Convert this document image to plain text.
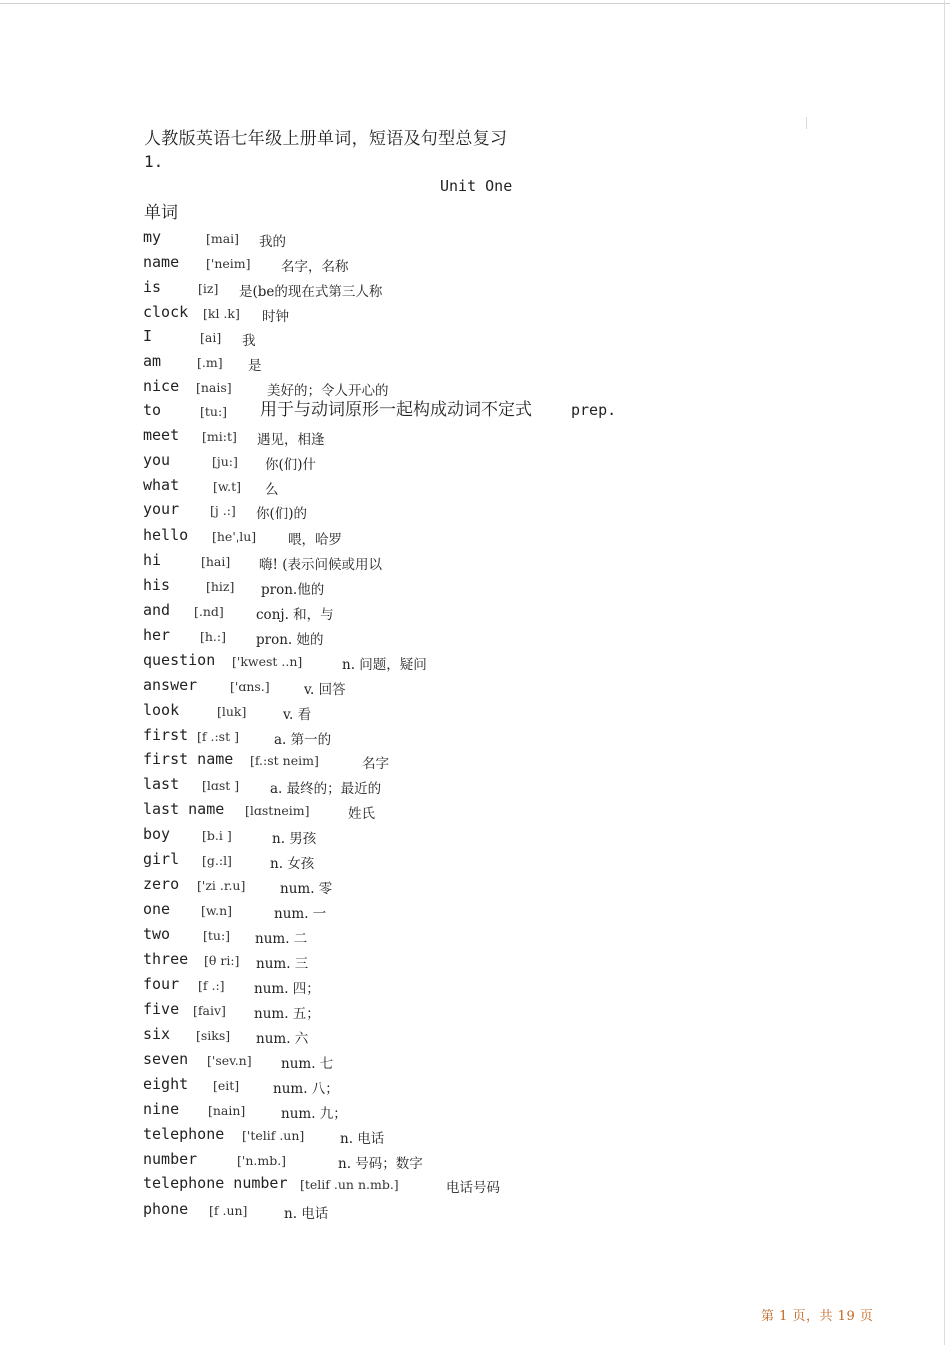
人教版英语七年级上册单词，短语及句型总复习
1.
Unit One
单词
my	[mai] 我的
name ['neim] 名字，名称
is	[iz] 是(be的现在式第三人称
clock [kl .k] 时钟
I	[ai] 我
am	[.m] 是
nice [nais]	美好的；令人开心的
to	[tu:] 用于与动词原形一起构成动词不定式	prep.
meet [mi:t] 遇见，相逢
you	[ju:] 你(们)什
what	[w.t] 么
your [j .:] 你(们)的
hello [he'ˌlu] 喂，哈罗
hi	[hai] 嗨! (表示问候或用以
his	[hiz] pron.他的
and [.nd] conj. 和，与
her [h.:] pron. 她的
question ['kwest ..n]	n. 问题，疑问
answer	['ɑns.]	v. 回答
look	[luk]	v. 看
first [f .:st ]	a. 第一的
first name [f.:st neim]	名字
last [lɑst ] a. 最终的；最近的
last name [lɑstneim]	姓氏
boy	[b.i ]	n. 男孩
girl [g.:l]	n. 女孩
zero ['zi .r.u]	num. 零
one [w.n]	num. 一
two	[tu:] num. 二
three [θ ri:] num. 三
four [f .:] num. 四；
five [faiv] num. 五；
six [siks] num. 六
seven ['sev.n] num. 七
eight [eit]	num. 八；
nine [nain]	num. 九；
telephone ['telif .un]	n. 电话
number	['n.mb.]	n. 号码；数字
telephone number [telif .un n.mb.]	电话号码
phone [f .un]	n. 电话
第 1 页，共 19 页
